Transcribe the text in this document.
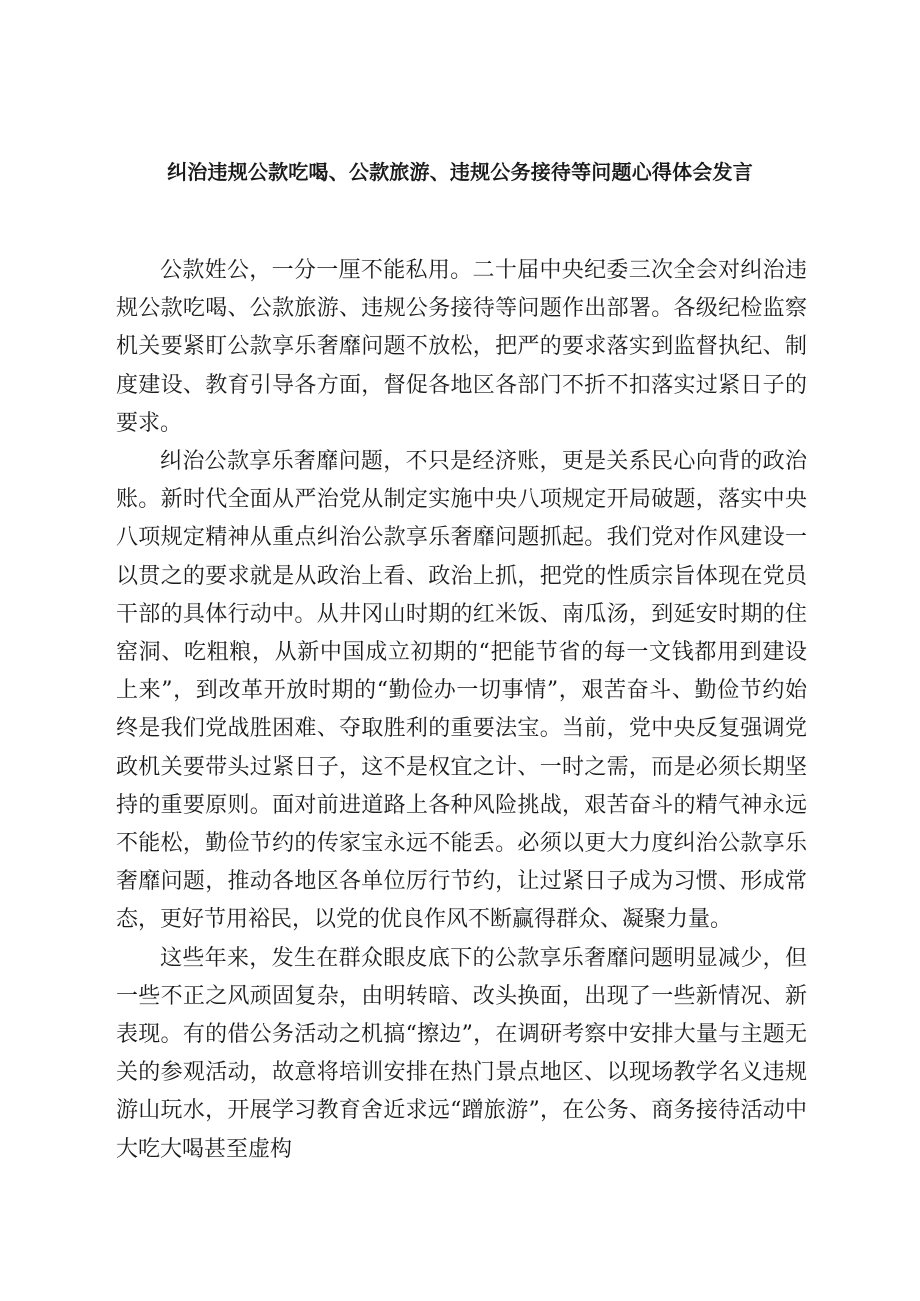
纠治违规公款吃喝、公款旅游、违规公务接待等问题心得体会发言

公款姓公，一分一厘不能私用。二十届中央纪委三次全会对纠治违规公款吃喝、公款旅游、违规公务接待等问题作出部署。各级纪检监察机关要紧盯公款享乐奢靡问题不放松，把严的要求落实到监督执纪、制度建设、教育引导各方面，督促各地区各部门不折不扣落实过紧日子的要求。

纠治公款享乐奢靡问题，不只是经济账，更是关系民心向背的政治账。新时代全面从严治党从制定实施中央八项规定开局破题，落实中央八项规定精神从重点纠治公款享乐奢靡问题抓起。我们党对作风建设一以贯之的要求就是从政治上看、政治上抓，把党的性质宗旨体现在党员干部的具体行动中。从井冈山时期的红米饭、南瓜汤，到延安时期的住窑洞、吃粗粮，从新中国成立初期的“把能节省的每一文钱都用到建设上来”，到改革开放时期的“勤俭办一切事情”，艰苦奋斗、勤俭节约始终是我们党战胜困难、夺取胜利的重要法宝。当前，党中央反复强调党政机关要带头过紧日子，这不是权宜之计、一时之需，而是必须长期坚持的重要原则。面对前进道路上各种风险挑战，艰苦奋斗的精气神永远不能松，勤俭节约的传家宝永远不能丢。必须以更大力度纠治公款享乐奢靡问题，推动各地区各单位厉行节约，让过紧日子成为习惯、形成常态，更好节用裕民，以党的优良作风不断赢得群众、凝聚力量。

这些年来，发生在群众眼皮底下的公款享乐奢靡问题明显减少，但一些不正之风顽固复杂，由明转暗、改头换面，出现了一些新情况、新表现。有的借公务活动之机搞“擦边”，在调研考察中安排大量与主题无关的参观活动，故意将培训安排在热门景点地区、以现场教学名义违规游山玩水，开展学习教育舍近求远“蹭旅游”，在公务、商务接待活动中大吃大喝甚至虚构
